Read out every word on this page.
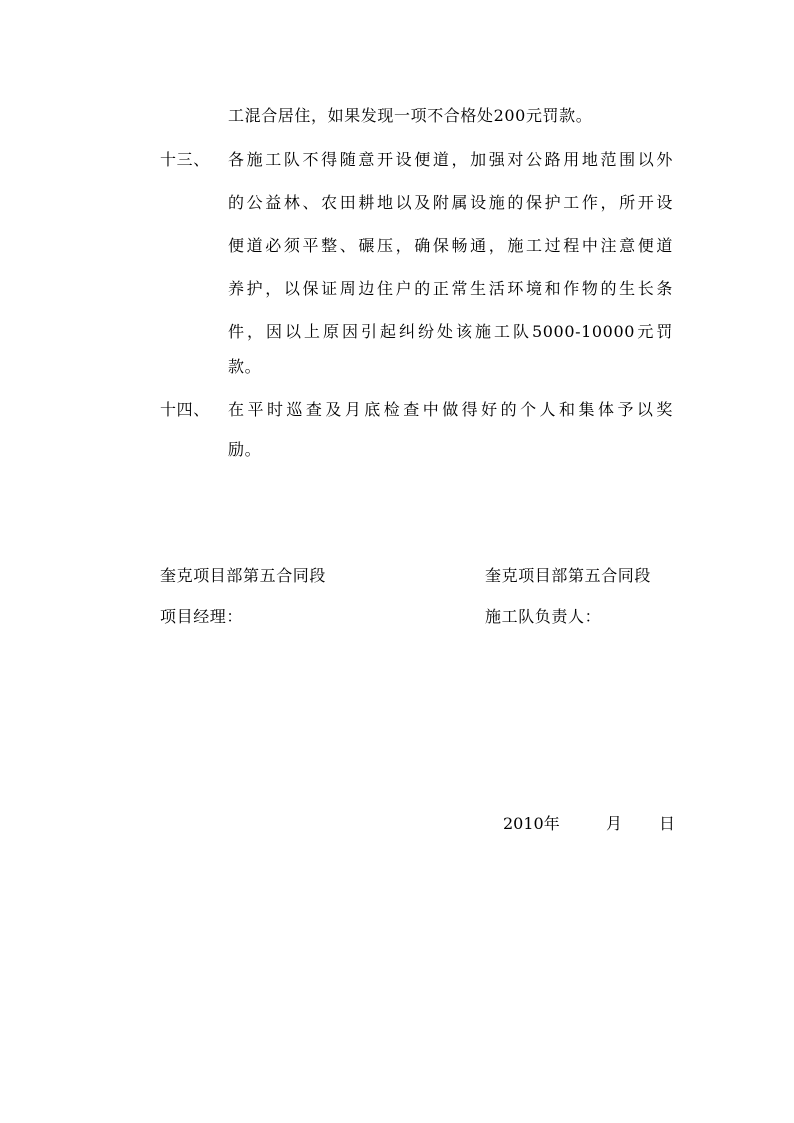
工混合居住，如果发现一项不合格处200元罚款。
十三、	各施工队不得随意开设便道，加强对公路用地范围以外
的公益林、农田耕地以及附属设施的保护工作，所开设
便道必须平整、碾压，确保畅通，施工过程中注意便道
养护，以保证周边住户的正常生活环境和作物的生长条
件，因以上原因引起纠纷处该施工队5000-10000元罚
款。
十四、	在平时巡查及月底检查中做得好的个人和集体予以奖
励。
奎克项目部第五合同段	奎克项目部第五合同段
项目经理：	施工队负责人：
2010年	月 日
